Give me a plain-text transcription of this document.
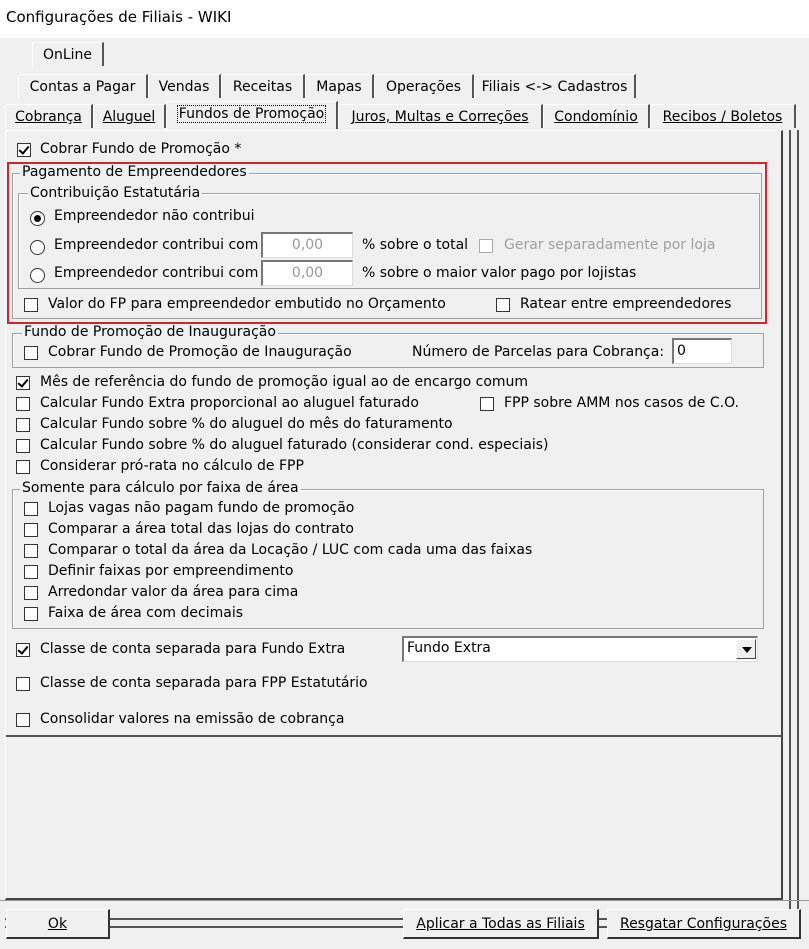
Configurações de Filiais - WIKI
OnLine
Contas a Pagar	Vendas	Receitas	Mapas	Operações	Filiais <-> Cadastros
Cobrança	Aluguel	Fundos de Promoção	Juros, Multas e Correções	Condomínio	Recibos / Boletos
Cobrar Fundo de Promoção *
Pagamento de Empreendedores
Contribuição Estatutária
Empreendedor não contribui
Empreendedor contribui com	0,00	% sobre o total	Gerar separadamente por loja
Empreendedor contribui com	0,00	% sobre o maior valor pago por lojistas
Valor do FP para empreendedor embutido no Orçamento	Ratear entre empreendedores
Fundo de Promoção de Inauguração
Cobrar Fundo de Promoção de Inauguração	Número de Parcelas para Cobrança: 0
Mês de referência do fundo de promoção igual ao de encargo comum
Calcular Fundo Extra proporcional ao aluguel faturado	FPP sobre AMM nos casos de C.O.
Calcular Fundo sobre % do aluguel do mês do faturamento
Calcular Fundo sobre % do aluguel faturado (considerar cond. especiais)
Considerar pró-rata no cálculo de FPP
Somente para cálculo por faixa de área
Lojas vagas não pagam fundo de promoção
Comparar a área total das lojas do contrato
Comparar o total da área da Locação / LUC com cada uma das faixas
Definir faixas por empreendimento
Arredondar valor da área para cima
Faixa de área com decimais
Classe de conta separada para Fundo Extra	Fundo Extra
Classe de conta separada para FPP Estatutário
Consolidar valores na emissão de cobrança
Ok	Aplicar a Todas as Filiais	Resgatar Configurações
